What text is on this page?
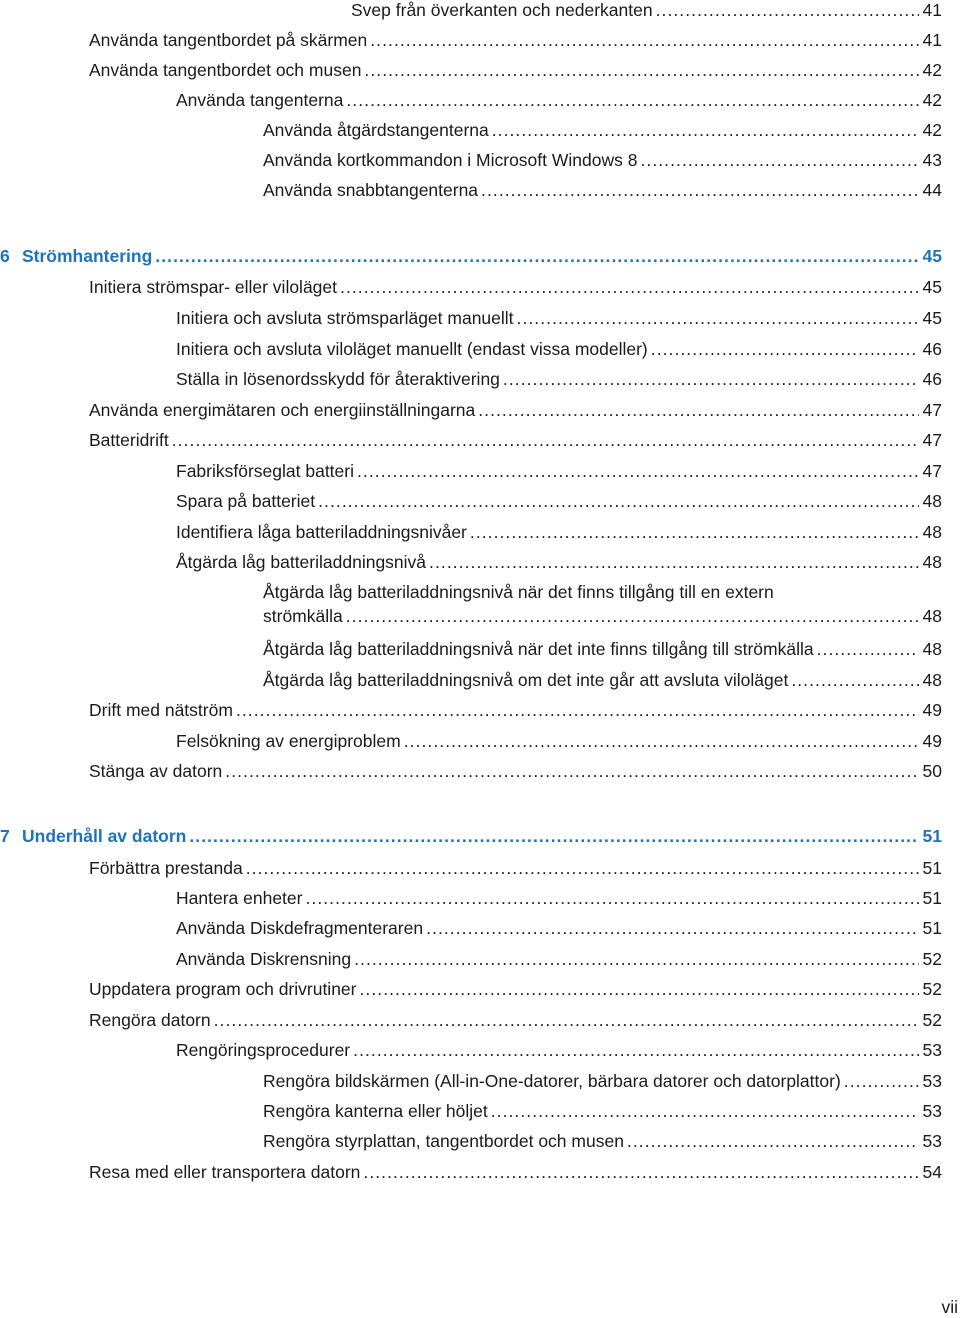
Svep från överkanten och nederkanten . . .	41
Använda tangentbordet på skärmen . . .	41
Använda tangentbordet och musen . . .	42
Använda tangenterna . . .	42
Använda åtgärdstangenterna . . .	42
Använda kortkommandon i Microsoft Windows 8 . . .	43
Använda snabbtangenterna . . .	44
6 Strömhantering . . .	45
Initiera strömspar- eller viloläget . . .	45
Initiera och avsluta strömsparläget manuellt . . .	45
Initiera och avsluta viloläget manuellt (endast vissa modeller) . . .	46
Ställa in lösenordsskydd för återaktivering . . .	46
Använda energimätaren och energiinställningarna . . .	47
Batteridrift . . .	47
Fabriksförseglat batteri . . .	47
Spara på batteriet . . .	48
Identifiera låga batteriladdningsnivåer . . .	48
Åtgärda låg batteriladdningsnivå . . .	48
Åtgärda låg batteriladdningsnivå när det finns tillgång till en extern
strömkälla . . .	48
Åtgärda låg batteriladdningsnivå när det inte finns tillgång till strömkälla . . .	48
Åtgärda låg batteriladdningsnivå om det inte går att avsluta viloläget . . .	48
Drift med nätström . . .	49
Felsökning av energiproblem . . .	49
Stänga av datorn . . .	50
7 Underhåll av datorn . . .	51
Förbättra prestanda . . .	51
Hantera enheter . . .	51
Använda Diskdefragmenteraren . . .	51
Använda Diskrensning . . .	52
Uppdatera program och drivrutiner . . .	52
Rengöra datorn . . .	52
Rengöringsprocedurer . . .	53
Rengöra bildskärmen (All-in-One-datorer, bärbara datorer och datorplattor) . . .	53
Rengöra kanterna eller höljet . . .	53
Rengöra styrplattan, tangentbordet och musen . . .	53
Resa med eller transportera datorn . . .	54
vii
